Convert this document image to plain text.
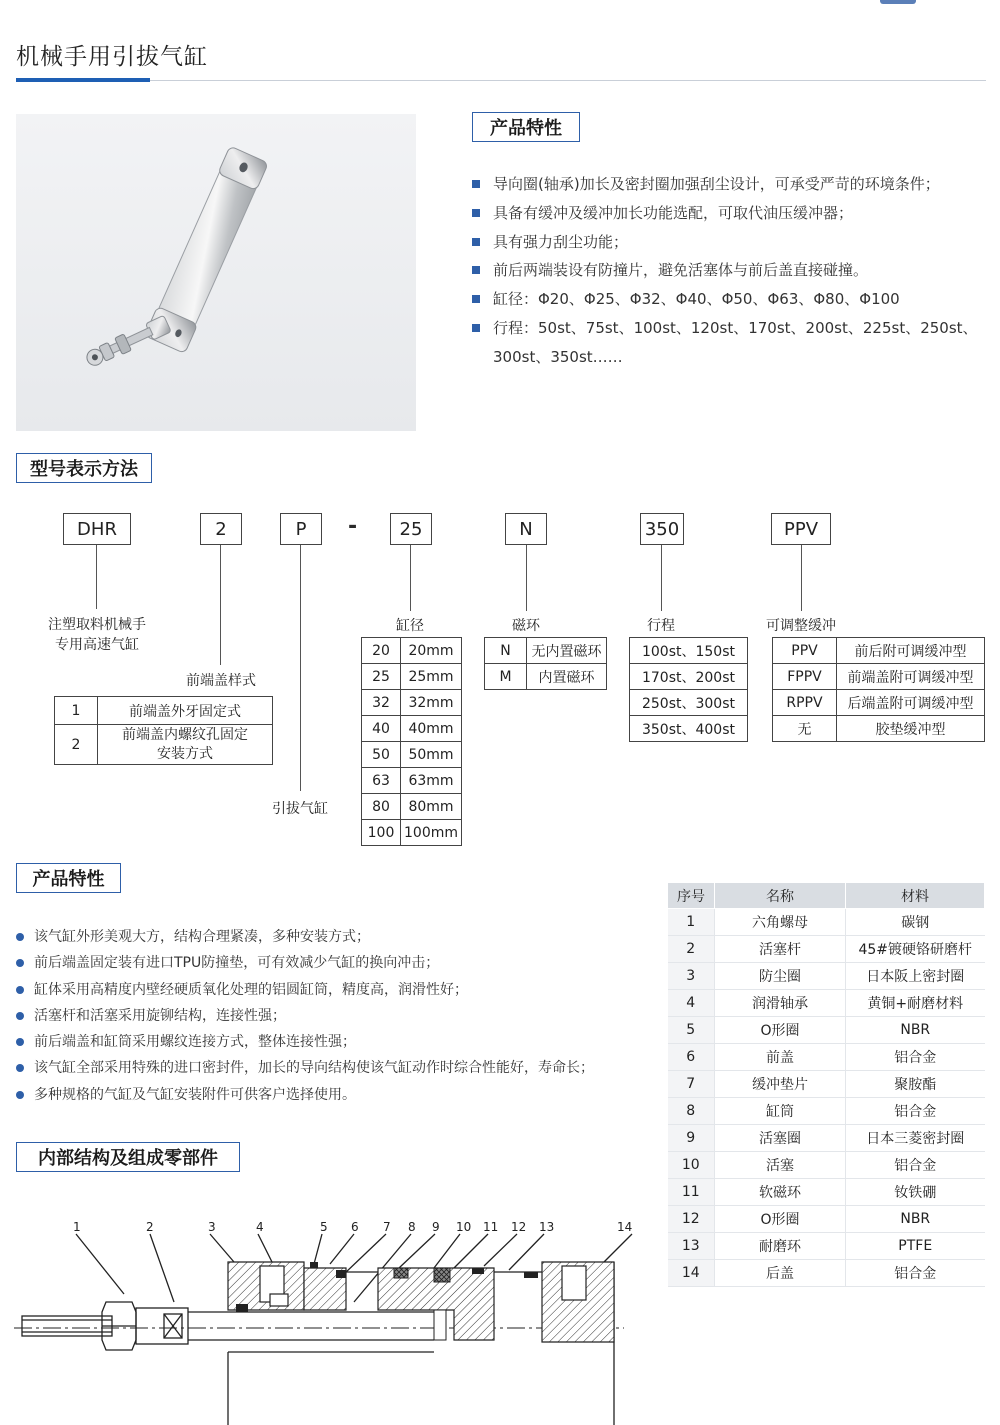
机械手用引拔气缸
产品特性
导向圈(轴承)加长及密封圈加强刮尘设计，可承受严苛的环境条件；
具备有缓冲及缓冲加长功能选配，可取代油压缓冲器；
具有强力刮尘功能；
前后两端装设有防撞片，避免活塞体与前后盖直接碰撞。
缸径：Φ20、Φ25、Φ32、Φ40、Φ50、Φ63、Φ80、Φ100
行程：50st、75st、100st、120st、170st、200st、225st、250st、
300st、350st……
型号表示方法
DHR	2	P	-	25	N	350	PPV
注塑取料机械手
专用高速气缸
前端盖样式
引拔气缸
缸径	磁环	行程	可调整缓冲
1	前端盖外牙固定式
2	前端盖内螺纹孔固定
安装方式
20	20mm
25	25mm
32	32mm
40	40mm
50	50mm
63	63mm
80	80mm
100	100mm
N	无内置磁环
M	内置磁环
100st、150st
170st、200st
250st、300st
350st、400st
PPV	前后附可调缓冲型
FPPV	前端盖附可调缓冲型
RPPV	后端盖附可调缓冲型
无	胶垫缓冲型
产品特性
该气缸外形美观大方，结构合理紧凑，多种安装方式；
前后端盖固定装有进口TPU防撞垫，可有效减少气缸的换向冲击；
缸体采用高精度内壁经硬质氧化处理的铝圆缸筒，精度高，润滑性好；
活塞杆和活塞采用旋铆结构，连接性强；
前后端盖和缸筒采用螺纹连接方式，整体连接性强；
该气缸全部采用特殊的进口密封件，加长的导向结构使该气缸动作时综合性能好，寿命长；
多种规格的气缸及气缸安装附件可供客户选择使用。
序号	名称	材料
1	六角螺母	碳钢
2	活塞杆	45#镀硬铬研磨杆
3	防尘圈	日本阪上密封圈
4	润滑轴承	黄铜+耐磨材料
5	O形圈	NBR
6	前盖	铝合金
7	缓冲垫片	聚胺酯
8	缸筒	铝合金
9	活塞圈	日本三菱密封圈
10	活塞	铝合金
11	软磁环	钕铁硼
12	O形圈	NBR
13	耐磨环	PTFE
14	后盖	铝合金
内部结构及组成零部件
1	2	3	4	5 6 7 8 9 10 11 12 13	14
